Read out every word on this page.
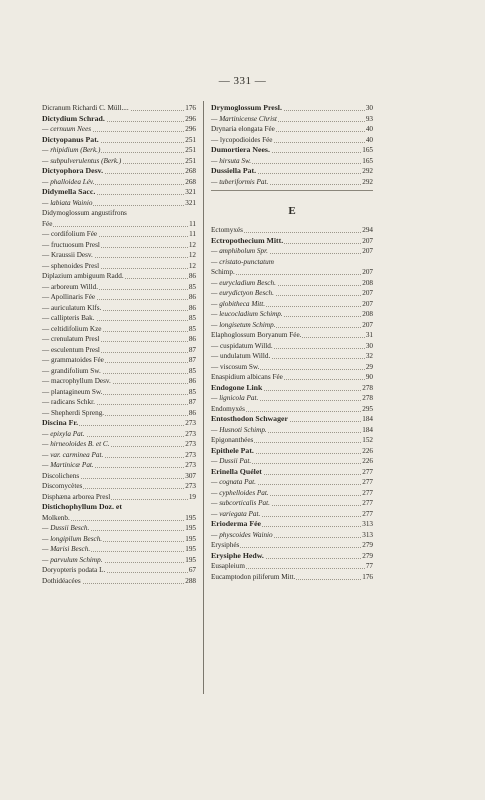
— 331 —
Dicranum Richardi C. Müll....	176
Dictydium Schrad.	296
— cernuum Nees	296
Dictyopanus Pat.	251
— rhipidium (Berk.)	251
— subpulverulentus (Berk.)	251
Dictyophora Desv.	268
— phalloidea Lév.	268
Didymella Sacc.	321
— labiata Wainio	321
Didymoglossum angustifrons
Fée	11
— cordifolium Fée	11
— fructuosum Presl	12
— Kraussii Desv.	12
— sphenoides Presl	12
Diplazium ambiguum Radd.	86
— arboreum Willd.	85
— Apollinaris Fée	86
— auriculatum Klfs.	86
— callipteris Bak.	85
— celtidifolium Kze	85
— crenulatum Presl	86
— esculentum Presl	87
— grammatoides Fée	87
— grandifolium Sw.	85
— macrophyllum Desv.	86
— plantagineum Sw.	85
— radicans Schkr.	87
— Shepherdi Spreng.	86
Discina Fr.	273
— epixyla Pat.	273
— hirneoloides B. et C.	273
— var. carminea Pat.	273
— Martinicæ Pat.	273
Discolichens	307
Discomycètes	273
Disphæna arborea Presl	19
Distichophyllum Doz. et
Molkenb.	195
— Dussii Besch.	195
— longipilum Besch.	195
— Marisi Besch.	195
— parvulum Schimp.	195
Doryopteris podata L.	67
Dothidéacées	288
Drymoglossum Presl.	30
— Martinicense Christ	93
Drynaria elongata Fée	40
— lycopodioides Fée	40
Dumortiera Nees.	165
— hirsuta Sw.	165
Dussiella Pat.	292
— tuberiformis Pat.	292
E
Ectomyxés	294
Ectropothecium Mitt.	207
— amphibolum Spr.	207
— cristato-punctatum
Schimp.	207
— eurycladium Besch.	208
— eurydictyon Besch.	207
— globitheca Mitt.	207
— leucocladium Schimp.	208
— longisetum Schimp.	207
Elaphoglossum Boryanum Fée.	31
— cuspidatum Willd.	30
— undulatum Willd.	32
— viscosum Sw.	29
Enaspidium albicans Fée	90
Endogone Link	278
— lignicola Pat.	278
Endomyxés	295
Entosthodon Schwager	184
— Husnoti Schimp.	184
Epigonanthées	152
Epithele Pat.	226
— Dussii Pat.	226
Erinella Quélet	277
— cognata Pat.	277
— cyphelloides Pat.	277
— subcorticalis Pat.	277
— variegata Pat.	277
Erioderma Fée	313
— physcoides Wainio	313
Erysiphés	279
Erysiphe Hedw.	279
Eusapleium	77
Eucamptodon piliferum Mitt.	176
